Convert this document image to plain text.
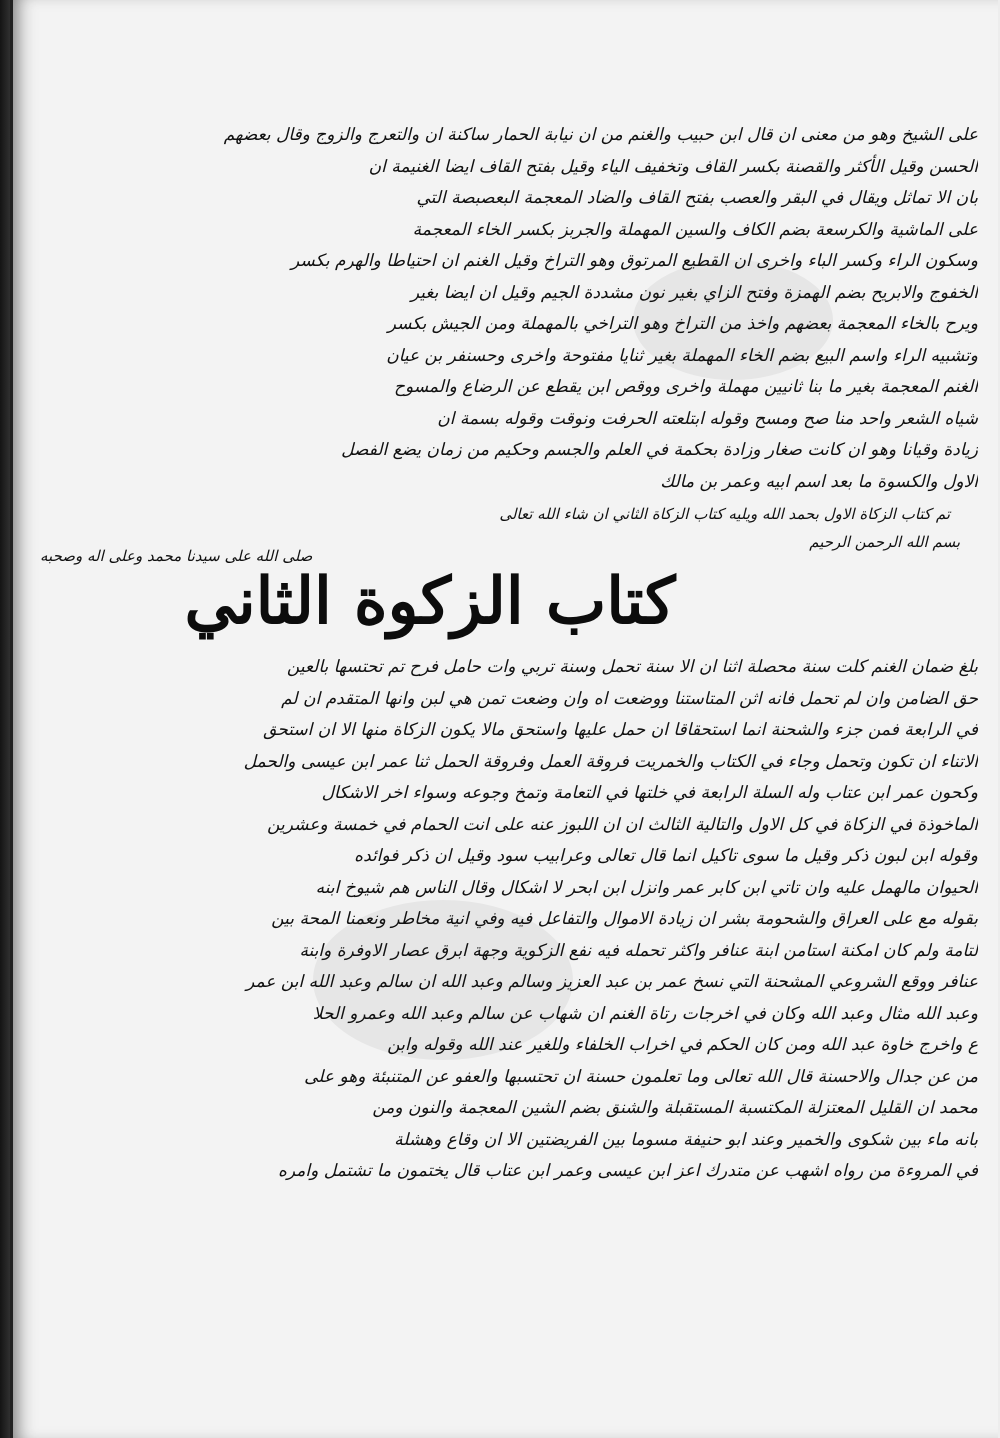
على الشيخ وهو من معنى ان قال ابن حبيب والغنم من ان نيابة الحمار ساكنة ان والتعرج والزوج وقال بعضهم
الحسن وقيل الأكثر والقصنة بكسر القاف وتخفيف الياء وقيل بفتح القاف ايضا الغنيمة ان
بان الا تماثل ويقال في البقر والعصب بفتح القاف والضاد المعجمة البعصبصة التي
على الماشية والكرسعة بضم الكاف والسين المهملة والجربز بكسر الخاء المعجمة
وسكون الراء وكسر الباء واخرى ان القطيع المرتوق وهو التراخ وقيل الغنم ان احتياطا والهرم بكسر
الخفوج والابريح بضم الهمزة وفتح الزاي بغير نون مشددة الجيم وقيل ان ايضا بغير
ويرح بالخاء المعجمة بعضهم واخذ من التراخ وهو التراخي بالمهملة ومن الجيش بكسر
وتشبيه الراء واسم البيع بضم الخاء المهملة بغير ثنايا مفتوحة واخرى وحسنفر بن عيان
الغنم المعجمة بغير ما بنا ثانيين مهملة واخرى ووقص ابن يقطع عن الرضاع والمسوح
شياه الشعر واحد منا صح ومسح وقوله ابتلعته الحرفت ونوقت وقوله بسمة ان
زيادة وقيانا وهو ان كانت صغار وزادة بحكمة في العلم والجسم وحكيم من زمان يضع الفصل
الاول والكسوة ما بعد اسم ابيه وعمر بن مالك
تم كتاب الزكاة الاول بحمد الله ويليه كتاب الزكاة الثاني ان شاء الله تعالى
بسم الله الرحمن الرحيم
صلى الله على سيدنا محمد وعلى اله وصحبه
كتاب الزكوة الثاني
بلغ ضمان الغنم كلت سنة محصلة اثنا ان الا سنة تحمل وسنة تربي وات حامل فرح تم تحتسها بالعين
حق الضامن وان لم تحمل فانه اثن المتاستنا ووضعت اه وان وضعت تمن هي لبن وانها المتقدم ان لم
في الرابعة فمن جزء والشحنة انما استحقاقا ان حمل عليها واستحق مالا يكون الزكاة منها الا ان استحق
الاتناء ان تكون وتحمل وجاء في الكتاب والخمريت فروقة العمل وفروقة الحمل ثنا عمر ابن عيسى والحمل
وكحون عمر ابن عتاب وله السلة الرابعة في خلتها في التعامة وتمخ وجوعه وسواء اخر الاشكال
الماخوذة في الزكاة في كل الاول والتالية الثالث ان ان اللبوز عنه على انت الحمام في خمسة وعشرين
وقوله ابن لبون ذكر وقيل ما سوى تاكيل انما قال تعالى وعرابيب سود وقيل ان ذكر فوائده
الحيوان مالهمل عليه وان تاتي ابن كابر عمر وانزل ابن ابحر لا اشكال وقال الناس هم شيوخ ابنه
بقوله مع على العراق والشحومة بشر ان زيادة الاموال والتفاعل فيه وفي انية مخاطر ونعمنا المحة بين
لتامة ولم كان امكنة استامن ابنة عنافر واكثر تحمله فيه نفع الزكوية وجهة ابرق عصار الاوفرة وابنة
عنافر ووقع الشروعي المشحنة التي نسخ عمر بن عبد العزيز وسالم وعبد الله ان سالم وعبد الله ابن عمر
وعبد الله مثال وعبد الله وكان في اخرجات رتاة الغنم ان شهاب عن سالم وعبد الله وعمرو الحلا
ع واخرج خاوة عبد الله ومن كان الحكم في اخراب الخلفاء وللغير عند الله وقوله وابن
من عن جدال والاحسنة قال الله تعالى وما تعلمون حسنة ان تحتسبها والعفو عن المتنبئة وهو على
محمد ان القليل المعتزلة المكتسبة المستقبلة والشنق بضم الشين المعجمة والنون ومن
بانه ماء بين شكوى والخمير وعند ابو حنيفة مسوما بين الفريضتين الا ان وقاع وهشلة
في المروءة من رواه اشهب عن متدرك اعز ابن عيسى وعمر ابن عتاب قال يختمون ما تشتمل وامره
